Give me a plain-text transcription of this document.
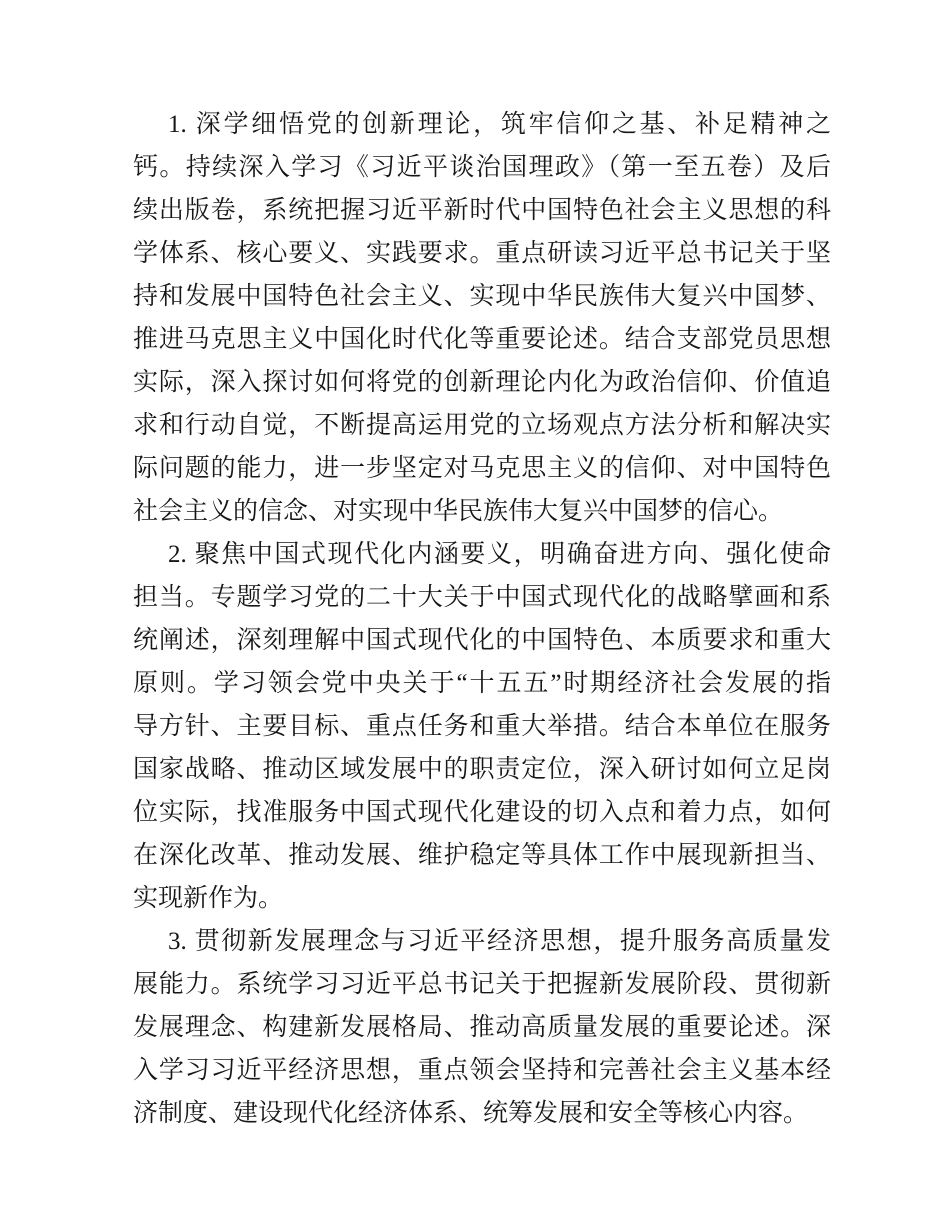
1. 深学细悟党的创新理论，筑牢信仰之基、补足精神之
钙。持续深入学习《习近平谈治国理政》（第一至五卷）及后
续出版卷，系统把握习近平新时代中国特色社会主义思想的科
学体系、核心要义、实践要求。重点研读习近平总书记关于坚
持和发展中国特色社会主义、实现中华民族伟大复兴中国梦、
推进马克思主义中国化时代化等重要论述。结合支部党员思想
实际，深入探讨如何将党的创新理论内化为政治信仰、价值追
求和行动自觉，不断提高运用党的立场观点方法分析和解决实
际问题的能力，进一步坚定对马克思主义的信仰、对中国特色
社会主义的信念、对实现中华民族伟大复兴中国梦的信心。
2. 聚焦中国式现代化内涵要义，明确奋进方向、强化使命
担当。专题学习党的二十大关于中国式现代化的战略擘画和系
统阐述，深刻理解中国式现代化的中国特色、本质要求和重大
原则。学习领会党中央关于“十五五”时期经济社会发展的指
导方针、主要目标、重点任务和重大举措。结合本单位在服务
国家战略、推动区域发展中的职责定位，深入研讨如何立足岗
位实际，找准服务中国式现代化建设的切入点和着力点，如何
在深化改革、推动发展、维护稳定等具体工作中展现新担当、
实现新作为。
3. 贯彻新发展理念与习近平经济思想，提升服务高质量发
展能力。系统学习习近平总书记关于把握新发展阶段、贯彻新
发展理念、构建新发展格局、推动高质量发展的重要论述。深
入学习习近平经济思想，重点领会坚持和完善社会主义基本经
济制度、建设现代化经济体系、统筹发展和安全等核心内容。
